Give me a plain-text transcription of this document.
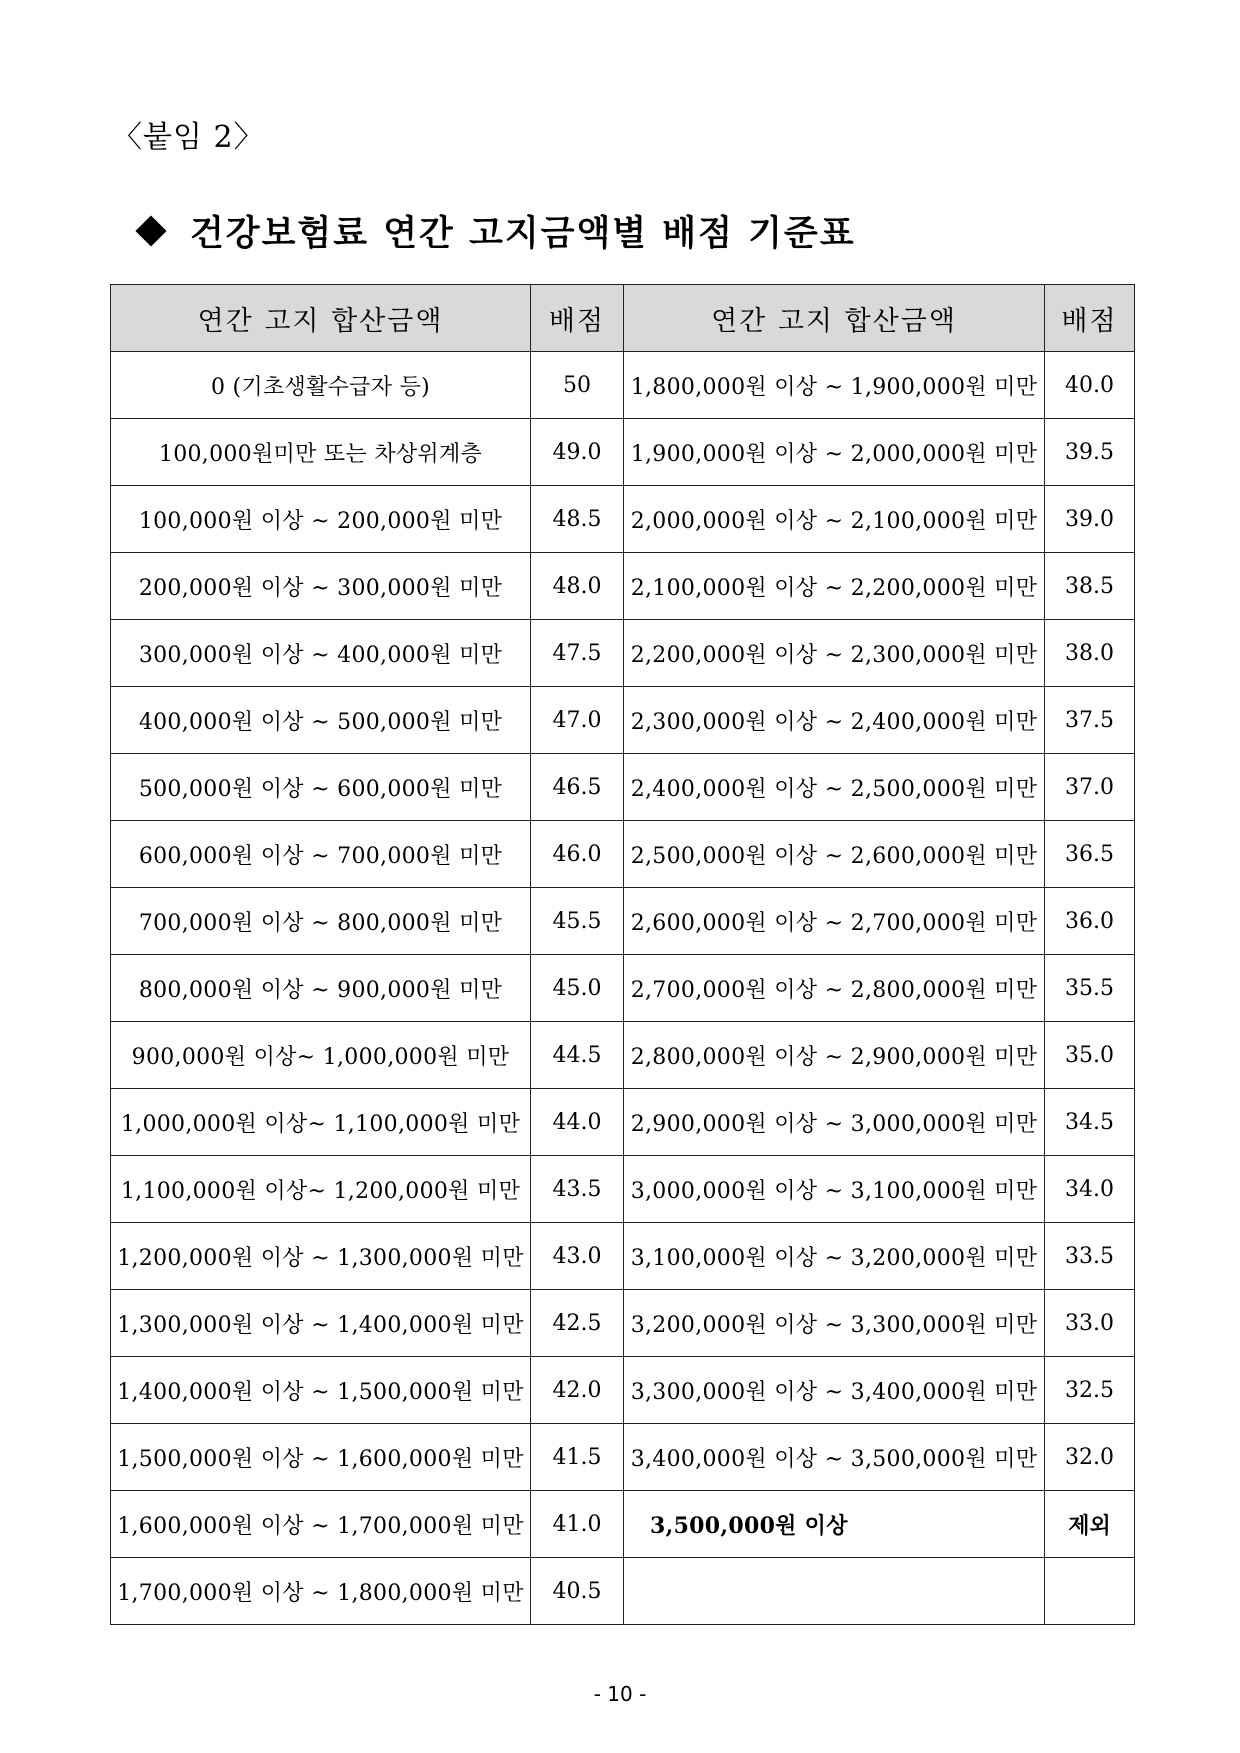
〈붙임 2〉
건강보험료 연간 고지금액별 배점 기준표
연간 고지 합산금액	배점	연간 고지 합산금액	배점
0 (기초생활수급자 등)	50	1,800,000원 이상 ~ 1,900,000원 미만	40.0
100,000원미만 또는 차상위계층	49.0	1,900,000원 이상 ~ 2,000,000원 미만	39.5
100,000원 이상 ~ 200,000원 미만	48.5	2,000,000원 이상 ~ 2,100,000원 미만	39.0
200,000원 이상 ~ 300,000원 미만	48.0	2,100,000원 이상 ~ 2,200,000원 미만	38.5
300,000원 이상 ~ 400,000원 미만	47.5	2,200,000원 이상 ~ 2,300,000원 미만	38.0
400,000원 이상 ~ 500,000원 미만	47.0	2,300,000원 이상 ~ 2,400,000원 미만	37.5
500,000원 이상 ~ 600,000원 미만	46.5	2,400,000원 이상 ~ 2,500,000원 미만	37.0
600,000원 이상 ~ 700,000원 미만	46.0	2,500,000원 이상 ~ 2,600,000원 미만	36.5
700,000원 이상 ~ 800,000원 미만	45.5	2,600,000원 이상 ~ 2,700,000원 미만	36.0
800,000원 이상 ~ 900,000원 미만	45.0	2,700,000원 이상 ~ 2,800,000원 미만	35.5
900,000원 이상~ 1,000,000원 미만	44.5	2,800,000원 이상 ~ 2,900,000원 미만	35.0
1,000,000원 이상~ 1,100,000원 미만	44.0	2,900,000원 이상 ~ 3,000,000원 미만	34.5
1,100,000원 이상~ 1,200,000원 미만	43.5	3,000,000원 이상 ~ 3,100,000원 미만	34.0
1,200,000원 이상 ~ 1,300,000원 미만	43.0	3,100,000원 이상 ~ 3,200,000원 미만	33.5
1,300,000원 이상 ~ 1,400,000원 미만	42.5	3,200,000원 이상 ~ 3,300,000원 미만	33.0
1,400,000원 이상 ~ 1,500,000원 미만	42.0	3,300,000원 이상 ~ 3,400,000원 미만	32.5
1,500,000원 이상 ~ 1,600,000원 미만	41.5	3,400,000원 이상 ~ 3,500,000원 미만	32.0
1,600,000원 이상 ~ 1,700,000원 미만	41.0	3,500,000원 이상	제외
1,700,000원 이상 ~ 1,800,000원 미만	40.5		
- 10 -
